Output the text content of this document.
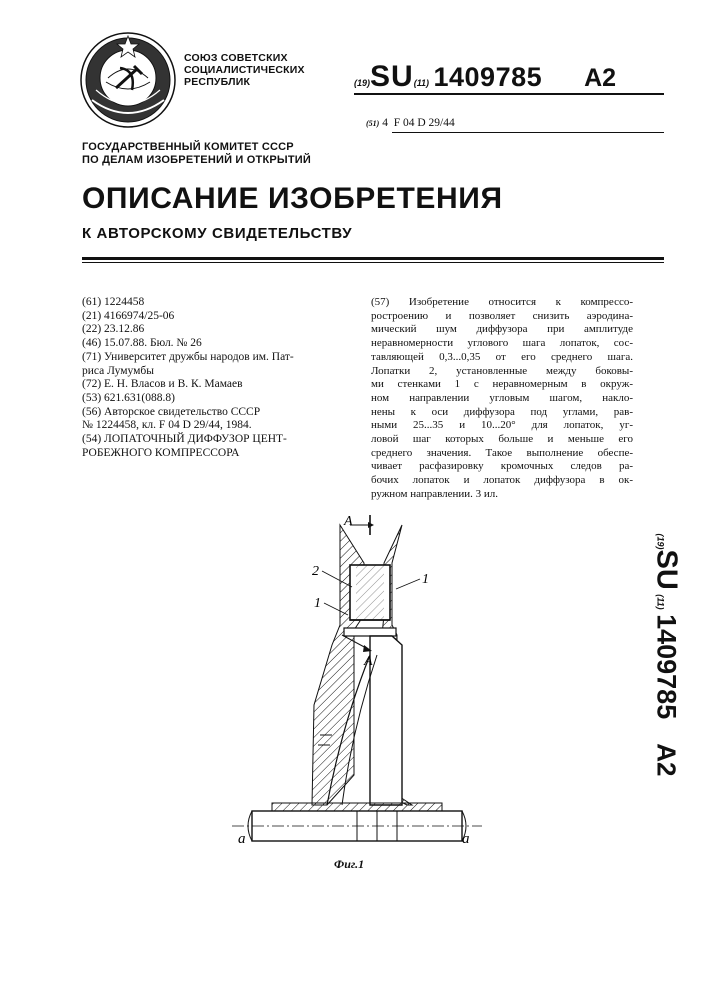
СОЮЗ СОВЕТСКИХ
СОЦИАЛИСТИЧЕСКИХ
РЕСПУБЛИК	(19)SU(11) 1409785 A2
(51) 4 F 04 D 29/44
ГОСУДАРСТВЕННЫЙ КОМИТЕТ СССР
ПО ДЕЛАМ ИЗОБРЕТЕНИЙ И ОТКРЫТИЙ
ОПИСАНИЕ ИЗОБРЕТЕНИЯ
К АВТОРСКОМУ СВИДЕТЕЛЬСТВУ
(61) 1224458
(21) 4166974/25-06
(22) 23.12.86
(46) 15.07.88. Бюл. № 26
(71) Университет дружбы народов им. Пат-
риса Лумумбы
(72) Е. Н. Власов и В. К. Мамаев
(53) 621.631(088.8)
(56) Авторское свидетельство СССР
№ 1224458, кл. F 04 D 29/44, 1984.
(54) ЛОПАТОЧНЫЙ ДИФФУЗОР ЦЕНТ-
РОБЕЖНОГО КОМПРЕССОРА
(57) Изобретение относится к компрессо-
ростроению и позволяет снизить аэродина-
мический шум диффузора при амплитуде
неравномерности углового шага лопаток, сос-
тавляющей 0,3...0,35 от его среднего шага.
Лопатки 2, установленные между боковы-
ми стенками 1 с неравномерным в окруж-
ном направлении угловым шагом, накло-
нены к оси диффузора под углами, рав-
ными 25...35 и 10...20° для лопаток, уг-
ловой шаг которых больше и меньше его
среднего значения. Такое выполнение обеспе-
чивает расфазировку кромочных следов ра-
бочих лопаток и лопаток диффузора в ок-
ружном направлении. 3 ил.
(19)SU (11) 1409785A2
А
А
2
1
1
а	а
Фиг.1
